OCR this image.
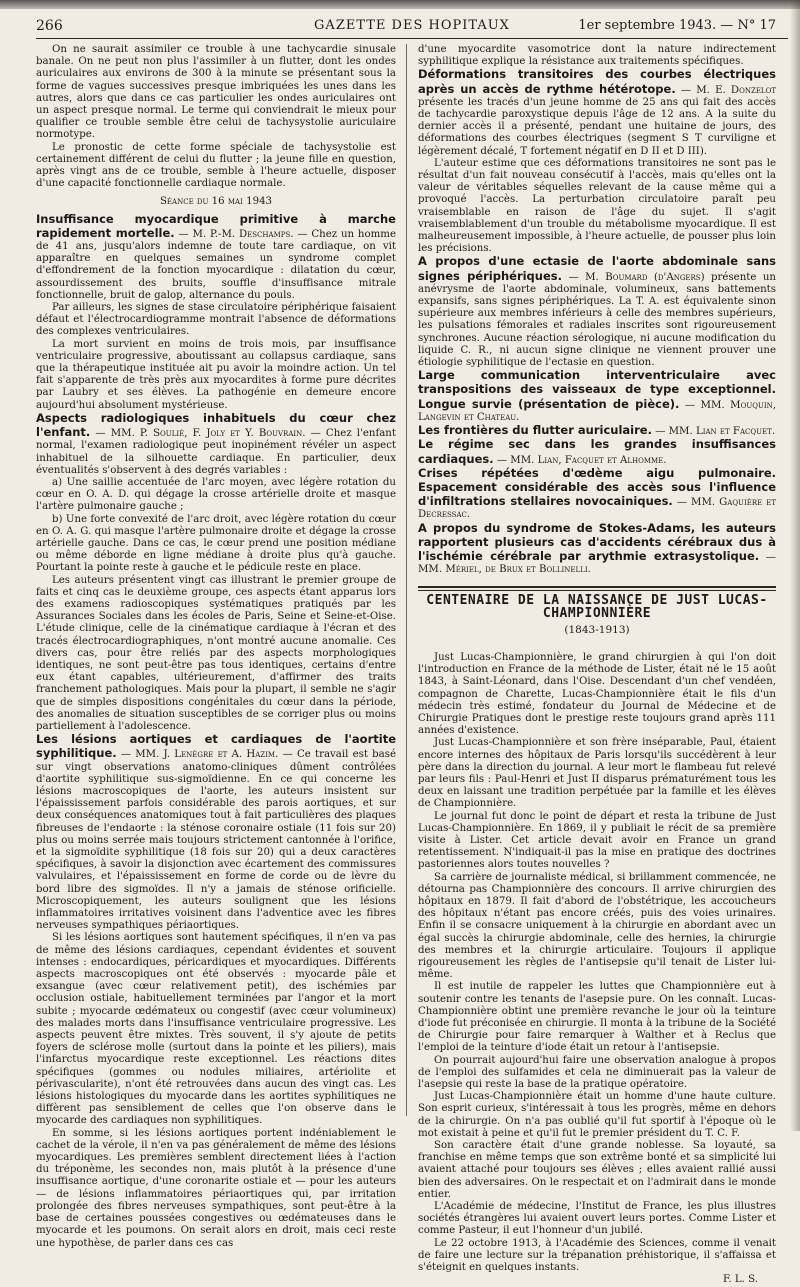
266	GAZETTE DES HOPITAUX	1er septembre 1943. — N° 17

On ne saurait assimiler ce trouble à une tachycardie sinusale banale. On ne peut non plus l'assimiler à un flutter, dont les ondes auriculaires aux environs de 300 à la minute se présentant sous la forme de vagues successives presque imbriquées les unes dans les autres, alors que dans ce cas particulier les ondes auriculaires ont un aspect presque normal. Le terme qui conviendrait le mieux pour qualifier ce trouble semble être celui de tachysystolie auriculaire normotype.

Le pronostic de cette forme spéciale de tachysystolie est certainement différent de celui du flutter ; la jeune fille en question, après vingt ans de ce trouble, semble à l'heure actuelle, disposer d'une capacité fonctionnelle cardiaque normale.

Séance du 16 mai 1943

Insuffisance myocardique primitive à marche rapidement mortelle. — M. P.-M. Deschamps. — Chez un homme de 41 ans, jusqu'alors indemne de toute tare cardiaque, on vit apparaître en quelques semaines un syndrome complet d'effondrement de la fonction myocardique : dilatation du cœur, assourdissement des bruits, souffle d'insuffisance mitrale fonctionnelle, bruit de galop, alternance du pouls.

Par ailleurs, les signes de stase circulatoire périphérique faisaient défaut et l'électrocardiogramme montrait l'absence de déformations des complexes ventriculaires.

La mort survient en moins de trois mois, par insuffisance ventriculaire progressive, aboutissant au collapsus cardiaque, sans que la thérapeutique instituée ait pu avoir la moindre action. Un tel fait s'apparente de très près aux myocardites à forme pure décrites par Laubry et ses élèves. La pathogénie en demeure encore aujourd'hui absolument mystérieuse.

Aspects radiologiques inhabituels du cœur chez l'enfant. — MM. P. Soulié, F. Joly et Y. Bouvrain. — Chez l'enfant normal, l'examen radiologique peut inopinément révéler un aspect inhabituel de la silhouette cardiaque. En particulier, deux éventualités s'observent à des degrés variables :

a) Une saillie accentuée de l'arc moyen, avec légère rotation du cœur en O. A. D. qui dégage la crosse artérielle droite et masque l'artère pulmonaire gauche ;

b) Une forte convexité de l'arc droit, avec légère rotation du cœur en O. A. G. qui masque l'artère pulmonaire droite et dégage la crosse artérielle gauche. Dans ce cas, le cœur prend une position médiane ou même déborde en ligne médiane à droite plus qu'à gauche. Pourtant la pointe reste à gauche et le pédicule reste en place.

Les auteurs présentent vingt cas illustrant le premier groupe de faits et cinq cas le deuxième groupe, ces aspects étant apparus lors des examens radioscopiques systématiques pratiqués par les Assurances Sociales dans les écoles de Paris, Seine et Seine-et-Oise. L'étude clinique, celle de la cinématique cardiaque à l'écran et des tracés électrocardiographiques, n'ont montré aucune anomalie. Ces divers cas, pour être reliés par des aspects morphologiques identiques, ne sont peut-être pas tous identiques, certains d'entre eux étant capables, ultérieurement, d'affirmer des traits franchement pathologiques. Mais pour la plupart, il semble ne s'agir que de simples dispositions congénitales du cœur dans la période, des anomalies de situation susceptibles de se corriger plus ou moins partiellement à l'adolescence.

Les lésions aortiques et cardiaques de l'aortite syphilitique. — MM. J. Lenègre et A. Hazim. — Ce travail est basé sur vingt observations anatomo-cliniques dûment contrôlées d'aortite syphilitique sus-sigmoïdienne. En ce qui concerne les lésions macroscopiques de l'aorte, les auteurs insistent sur l'épaississement parfois considérable des parois aortiques, et sur deux conséquences anatomiques tout à fait particulières des plaques fibreuses de l'endaorte : la sténose coronaire ostiale (11 fois sur 20) plus ou moins serrée mais toujours strictement cantonnée à l'orifice, et la sigmoïdite syphilitique (18 fois sur 20) qui a deux caractères spécifiques, à savoir la disjonction avec écartement des commissures valvulaires, et l'épaississement en forme de corde ou de lèvre du bord libre des sigmoïdes. Il n'y a jamais de sténose orificielle. Microscopiquement, les auteurs soulignent que les lésions inflammatoires irritatives voisinent dans l'adventice avec les fibres nerveuses sympathiques périaortiques.

Si les lésions aortiques sont hautement spécifiques, il n'en va pas de même des lésions cardiaques, cependant évidentes et souvent intenses : endocardiques, péricardiques et myocardiques. Différents aspects macroscopiques ont été observés : myocarde pâle et exsangue (avec cœur relativement petit), des ischémies par occlusion ostiale, habituellement terminées par l'angor et la mort subite ; myocarde œdémateux ou congestif (avec cœur volumineux) des malades morts dans l'insuffisance ventriculaire progressive. Les aspects peuvent être mixtes. Très souvent, il s'y ajoute de petits foyers de sclérose molle (surtout dans la pointe et les piliers), mais l'infarctus myocardique reste exceptionnel. Les réactions dites spécifiques (gommes ou nodules miliaires, artériolite et périvascularite), n'ont été retrouvées dans aucun des vingt cas. Les lésions histologiques du myocarde dans les aortites syphilitiques ne diffèrent pas sensiblement de celles que l'on observe dans le myocarde des cardiaques non syphilitiques.

En somme, si les lésions aortiques portent indéniablement le cachet de la vérole, il n'en va pas généralement de même des lésions myocardiques. Les premières semblent directement liées à l'action du tréponème, les secondes non, mais plutôt à la présence d'une insuffisance aortique, d'une coronarite ostiale et — pour les auteurs — de lésions inflammatoires périaortiques qui, par irritation prolongée des fibres nerveuses sympathiques, sont peut-être à la base de certaines poussées congestives ou œdémateuses dans le myocarde et les poumons. On serait alors en droit, mais ceci reste une hypothèse, de parler dans ces cas

d'une myocardite vasomotrice dont la nature indirectement syphilitique explique la résistance aux traitements spécifiques.

Déformations transitoires des courbes électriques après un accès de rythme hétérotope. — M. E. Donzelot présente les tracés d'un jeune homme de 25 ans qui fait des accès de tachycardie paroxystique depuis l'âge de 12 ans. A la suite du dernier accès il a présenté, pendant une huitaine de jours, des déformations des courbes électriques (segment S T curviligne et légèrement décalé, T fortement négatif en D II et D III).

L'auteur estime que ces déformations transitoires ne sont pas le résultat d'un fait nouveau consécutif à l'accès, mais qu'elles ont la valeur de véritables séquelles relevant de la cause même qui a provoqué l'accès. La perturbation circulatoire paraît peu vraisemblable en raison de l'âge du sujet. Il s'agit vraisemblablement d'un trouble du métabolisme myocardique. Il est malheureusement impossible, à l'heure actuelle, de pousser plus loin les précisions.

A propos d'une ectasie de l'aorte abdominale sans signes périphériques. — M. Boumard (d'Angers) présente un anévrysme de l'aorte abdominale, volumineux, sans battements expansifs, sans signes périphériques. La T. A. est équivalente sinon supérieure aux membres inférieurs à celle des membres supérieurs, les pulsations fémorales et radiales inscrites sont rigoureusement synchrones. Aucune réaction sérologique, ni aucune modification du liquide C. R., ni aucun signe clinique ne viennent prouver une étiologie syphilitique de l'ectasie en question.

Large communication interventriculaire avec transpositions des vaisseaux de type exceptionnel. Longue survie (présentation de pièce). — MM. Mouquin, Langevin et Chateau.

Les frontières du flutter auriculaire. — MM. Lian et Facquet.

Le régime sec dans les grandes insuffisances cardiaques. — MM. Lian, Facquet et Alhomme.

Crises répétées d'œdème aigu pulmonaire. Espacement considérable des accès sous l'influence d'infiltrations stellaires novocainiques. — MM. Gaquière et Decressac.

A propos du syndrome de Stokes-Adams, les auteurs rapportent plusieurs cas d'accidents cérébraux dus à l'ischémie cérébrale par arythmie extrasystolique. — MM. Mériel, de Brux et Bollinelli.

CENTENAIRE DE LA NAISSANCE DE JUST LUCAS-CHAMPIONNIÈRE
(1843-1913)

Just Lucas-Championnière, le grand chirurgien à qui l'on doit l'introduction en France de la méthode de Lister, était né le 15 août 1843, à Saint-Léonard, dans l'Oise. Descendant d'un chef vendéen, compagnon de Charette, Lucas-Championnière était le fils d'un médecin très estimé, fondateur du Journal de Médecine et de Chirurgie Pratiques dont le prestige reste toujours grand après 111 années d'existence.

Just Lucas-Championnière et son frère inséparable, Paul, étaient encore internes des hôpitaux de Paris lorsqu'ils succédèrent à leur père dans la direction du journal. A leur mort le flambeau fut relevé par leurs fils : Paul-Henri et Just II disparus prématurément tous les deux en laissant une tradition perpétuée par la famille et les élèves de Championnière.

Le journal fut donc le point de départ et resta la tribune de Just Lucas-Championnière. En 1869, il y publiait le récit de sa première visite à Lister. Cet article devait avoir en France un grand retentissement. N'indiquait-il pas la mise en pratique des doctrines pastoriennes alors toutes nouvelles ?

Sa carrière de journaliste médical, si brillamment commencée, ne détourna pas Championnière des concours. Il arrive chirurgien des hôpitaux en 1879. Il fait d'abord de l'obstétrique, les accoucheurs des hôpitaux n'étant pas encore créés, puis des voies urinaires. Enfin il se consacre uniquement à la chirurgie en abordant avec un égal succès la chirurgie abdominale, celle des hernies, la chirurgie des membres et la chirurgie articulaire. Toujours il applique rigoureusement les règles de l'antisepsie qu'il tenait de Lister lui-même.

Il est inutile de rappeler les luttes que Championnière eut à soutenir contre les tenants de l'asepsie pure. On les connaît. Lucas-Championnière obtint une première revanche le jour où la teinture d'iode fut préconisée en chirurgie. Il monta à la tribune de la Société de Chirurgie pour faire remarquer à Walther et à Reclus que l'emploi de la teinture d'iode était un retour à l'antisepsie.

On pourrait aujourd'hui faire une observation analogue à propos de l'emploi des sulfamides et cela ne diminuerait pas la valeur de l'asepsie qui reste la base de la pratique opératoire.

Just Lucas-Championnière était un homme d'une haute culture. Son esprit curieux, s'intéressait à tous les progrès, même en dehors de la chirurgie. On n'a pas oublié qu'il fut sportif à l'époque où le mot existait à peine et qu'il fut le premier président du T. C. F.

Son caractère était d'une grande noblesse. Sa loyauté, sa franchise en même temps que son extrême bonté et sa simplicité lui avaient attaché pour toujours ses élèves ; elles avaient rallié aussi bien des adversaires. On le respectait et on l'admirait dans le monde entier.

L'Académie de médecine, l'Institut de France, les plus illustres sociétés étrangères lui avaient ouvert leurs portes. Comme Lister et comme Pasteur, il eut l'honneur d'un jubilé.

Le 22 octobre 1913, à l'Académie des Sciences, comme il venait de faire une lecture sur la trépanation préhistorique, il s'affaissa et s'éteignit en quelques instants.

F. L. S.
